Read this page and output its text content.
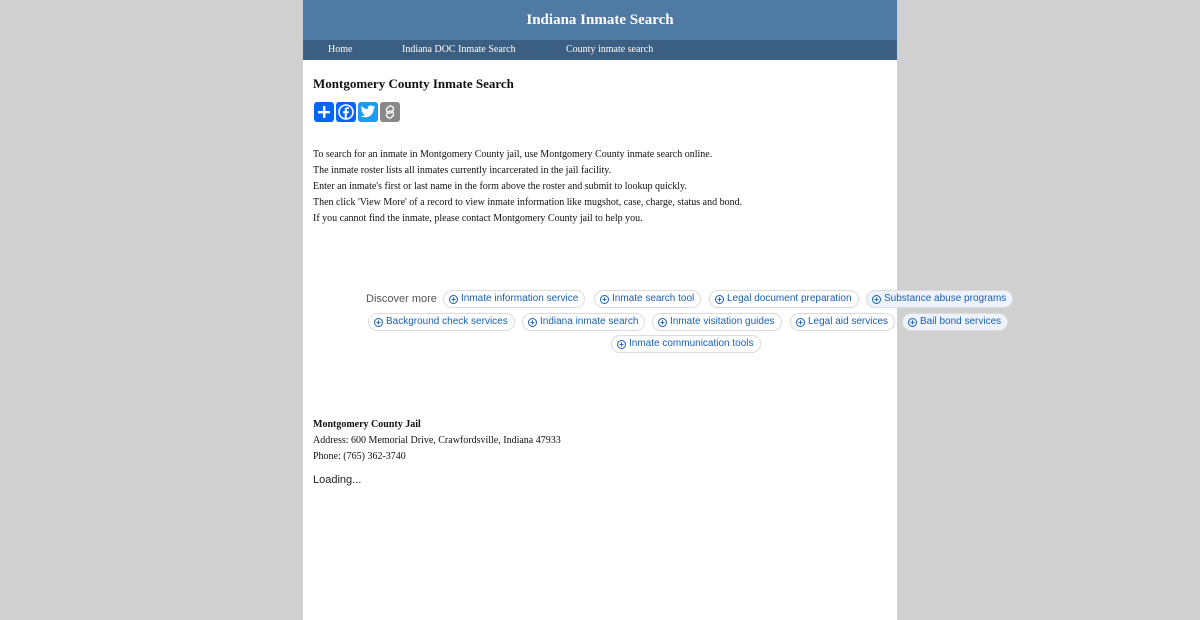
Indiana Inmate Search
Home	Indiana DOC Inmate Search	County inmate search
Montgomery County Inmate Search

To search for an inmate in Montgomery County jail, use Montgomery County inmate search online.

The inmate roster lists all inmates currently incarcerated in the jail facility.

Enter an inmate's first or last name in the form above the roster and submit to lookup quickly.

Then click 'View More' of a record to view inmate information like mugshot, case, charge, status and bond.

If you cannot find the inmate, please contact Montgomery County jail to help you.

Discover more + Inmate information service	+ Inmate search tool	+ Legal document preparation	+ Substance abuse programs
+ Background check services	+ Indiana inmate search	+ Inmate visitation guides	+ Legal aid services	+ Bail bond services
+ Inmate communication tools

Montgomery County Jail

Address: 600 Memorial Drive, Crawfordsville, Indiana 47933

Phone: (765) 362-3740

Loading...
